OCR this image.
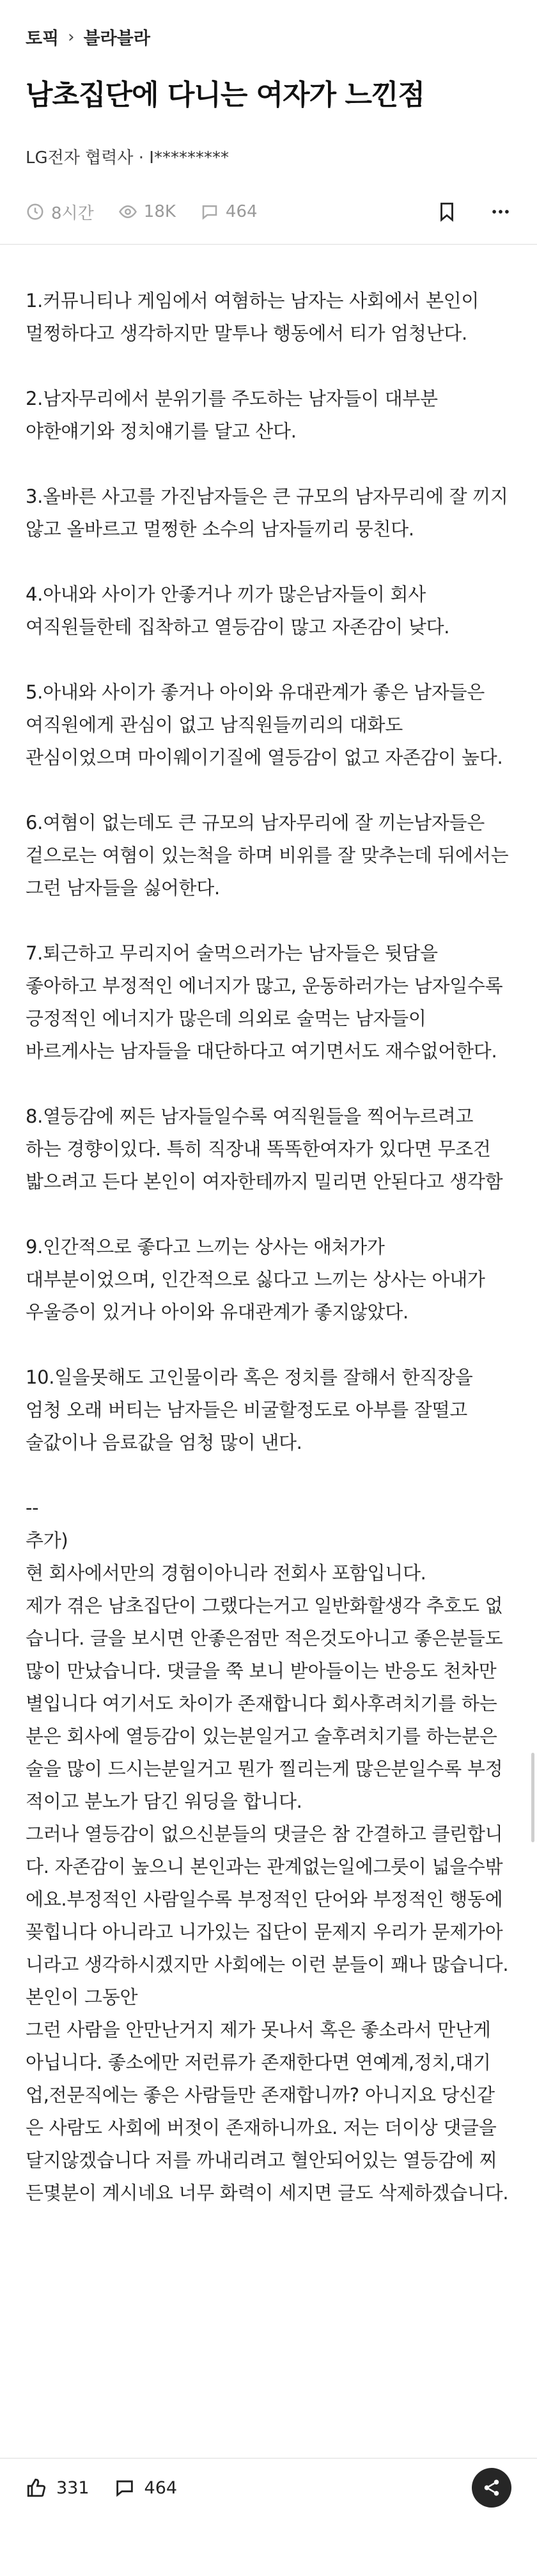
토픽 › 블라블라
남초집단에 다니는 여자가 느낀점
LG전자 협력사 · I*********
8시간	18K	464

1.커뮤니티나 게임에서 여혐하는 남자는 사회에서 본인이 멀쩡하다고 생각하지만 말투나 행동에서 티가 엄청난다.

2.남자무리에서 분위기를 주도하는 남자들이 대부분 야한얘기와 정치얘기를 달고 산다.

3.올바른 사고를 가진남자들은 큰 규모의 남자무리에 잘 끼지 않고 올바르고 멀쩡한 소수의 남자들끼리 뭉친다.

4.아내와 사이가 안좋거나 끼가 많은남자들이 회사 여직원들한테 집착하고 열등감이 많고 자존감이 낮다.

5.아내와 사이가 좋거나 아이와 유대관계가 좋은 남자들은 여직원에게 관심이 없고 남직원들끼리의 대화도 관심이었으며 마이웨이기질에 열등감이 없고 자존감이 높다.

6.여혐이 없는데도 큰 규모의 남자무리에 잘 끼는남자들은 겉으로는 여혐이 있는척을 하며 비위를 잘 맞추는데 뒤에서는 그런 남자들을 싫어한다.

7.퇴근하고 무리지어 술먹으러가는 남자들은 뒷담을 좋아하고 부정적인 에너지가 많고, 운동하러가는 남자일수록 긍정적인 에너지가 많은데 의외로 술먹는 남자들이 바르게사는 남자들을 대단하다고 여기면서도 재수없어한다.

8.열등감에 찌든 남자들일수록 여직원들을 찍어누르려고 하는 경향이있다. 특히 직장내 똑똑한여자가 있다면 무조건 밟으려고 든다 본인이 여자한테까지 밀리면 안된다고 생각함

9.인간적으로 좋다고 느끼는 상사는 애처가가 대부분이었으며, 인간적으로 싫다고 느끼는 상사는 아내가 우울증이 있거나 아이와 유대관계가 좋지않았다.

10.일을못해도 고인물이라 혹은 정치를 잘해서 한직장을 엄청 오래 버티는 남자들은 비굴할정도로 아부를 잘떨고 술값이나 음료값을 엄청 많이 낸다.

--
추가)
현 회사에서만의 경험이아니라 전회사 포함입니다.
제가 겪은 남초집단이 그랬다는거고 일반화할생각 추호도 없습니다. 글을 보시면 안좋은점만 적은것도아니고 좋은분들도 많이 만났습니다. 댓글을 쭉 보니 받아들이는 반응도 천차만별입니다 여기서도 차이가 존재합니다 회사후려치기를 하는분은 회사에 열등감이 있는분일거고 술후려치기를 하는분은 술을 많이 드시는분일거고 뭔가 찔리는게 많은분일수록 부정적이고 분노가 담긴 워딩을 합니다.
그러나 열등감이 없으신분들의 댓글은 참 간결하고 클린합니다. 자존감이 높으니 본인과는 관계없는일에그룻이 넓을수밖에요.부정적인 사람일수록 부정적인 단어와 부정적인 행동에 꽂힙니다 아니라고 니가있는 집단이 문제지 우리가 문제가아니라고 생각하시겠지만 사회에는 이런 분들이 꽤나 많습니다. 본인이 그동안
그런 사람을 안만난거지 제가 못나서 혹은 좋소라서 만난게 아닙니다. 좋소에만 저런류가 존재한다면 연예계,정치,대기업,전문직에는 좋은 사람들만 존재합니까? 아니지요 당신같은 사람도 사회에 버젓이 존재하니까요. 저는 더이상 댓글을 달지않겠습니다 저를 까내리려고 혈안되어있는 열등감에 찌든몇분이 계시네요 너무 화력이 세지면 글도 삭제하겠습니다.

331	464
